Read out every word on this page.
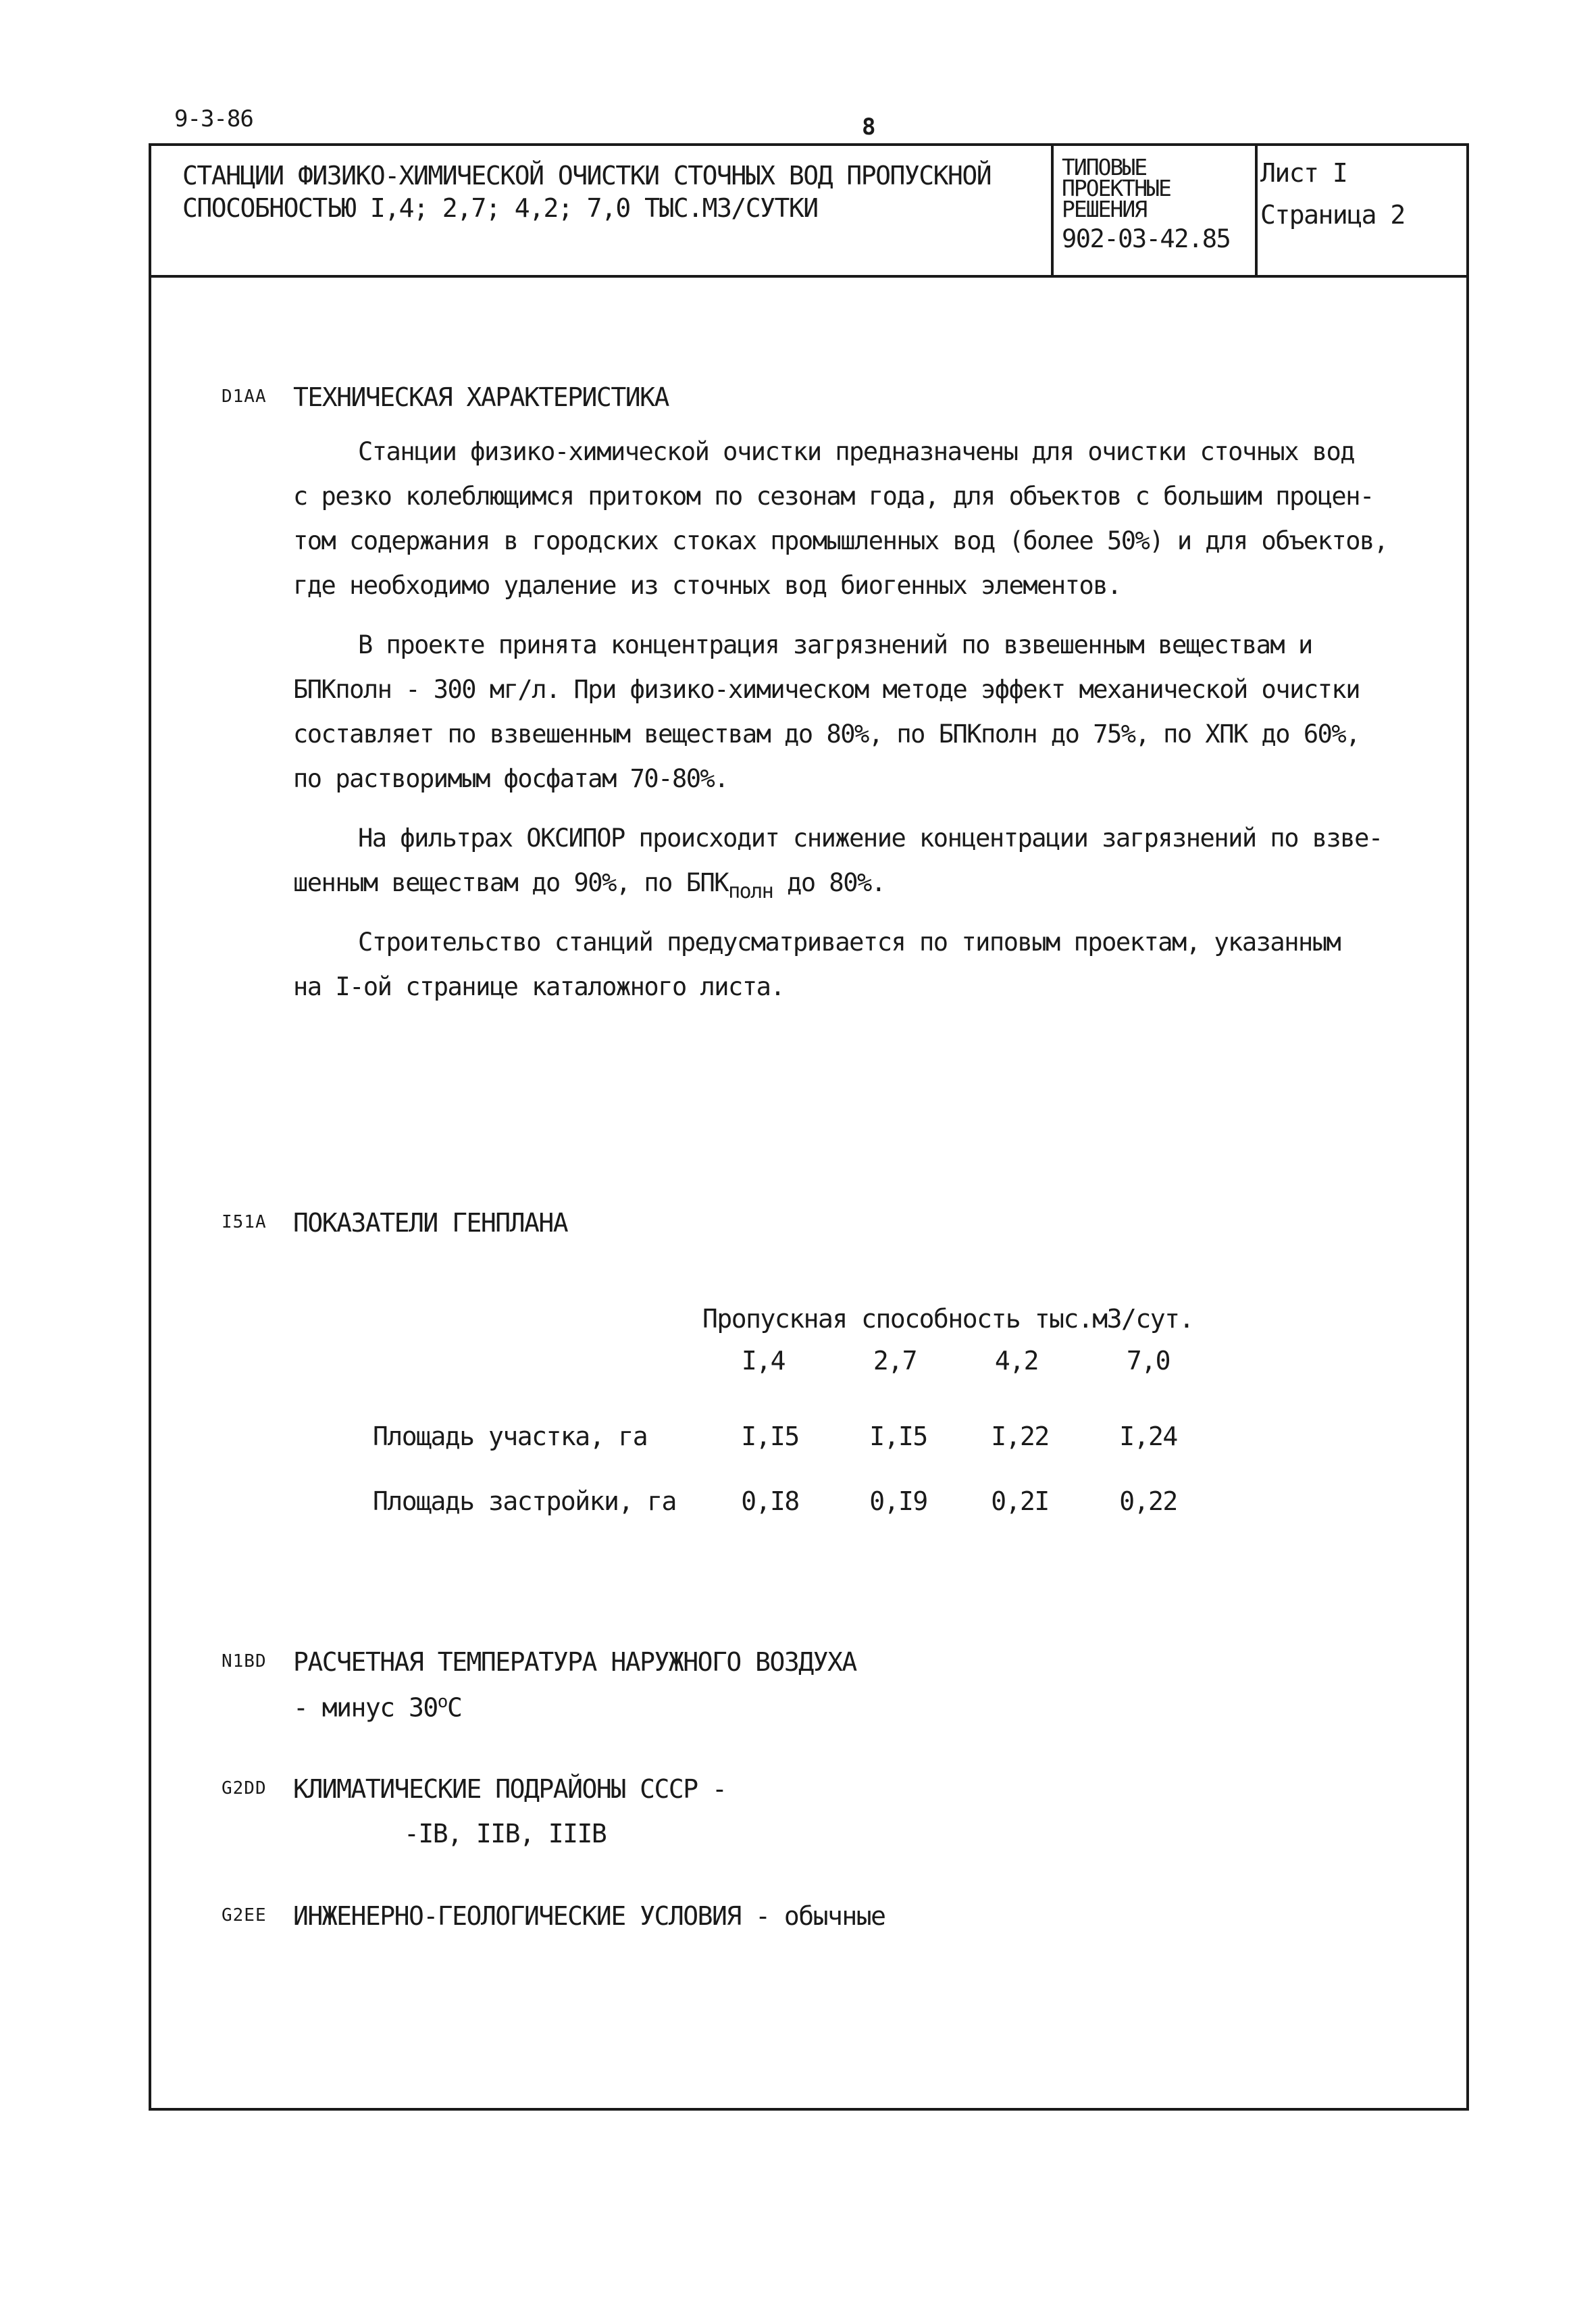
9-3-86	8
СТАНЦИИ ФИЗИКО-ХИМИЧЕСКОЙ ОЧИСТКИ СТОЧНЫХ ВОД ПРОПУСКНОЙ
СПОСОБНОСТЬЮ I,4; 2,7; 4,2; 7,0 ТЫС.М3/СУТКИ
ТИПОВЫЕ
ПРОЕКТНЫЕ
РЕШЕНИЯ
902-03-42.85
Лист I
Страница 2
D1AA ТЕХНИЧЕСКАЯ ХАРАКТЕРИСТИКА
Станции физико-химической очистки предназначены для очистки сточных вод
с резко колеблющимся притоком по сезонам года, для объектов с большим процен-
том содержания в городских стоках промышленных вод (более 50%) и для объектов,
где необходимо удаление из сточных вод биогенных элементов.
В проекте принята концентрация загрязнений по взвешенным веществам и
БПКполн - 300 мг/л. При физико-химическом методе эффект механической очистки
составляет по взвешенным веществам до 80%, по БПКполн до 75%, по ХПК до 60%,
по растворимым фосфатам 70-80%.
На фильтрах ОКСИПОР происходит снижение концентрации загрязнений по взве-
шенным веществам до 90%, по $БПК_{полн}$ до 80%.
Строительство станций предусматривается по типовым проектам, указанным
на I-ой странице каталожного листа.
I51A ПОКАЗАТЕЛИ ГЕНПЛАНА
Пропускная способность тыс.м3/сут.
I,4	2,7	4,2	7,0
Площадь участка, га	I,I5	I,I5	I,22	I,24
Площадь застройки, га	0,I8	0,I9	0,2I	0,22
N1BD РАСЧЕТНАЯ ТЕМПЕРАТУРА НАРУЖНОГО ВОЗДУХА
- минус 30$^o$C
G2DD КЛИМАТИЧЕСКИЕ ПОДРАЙОНЫ СССР -
-IB, IIB, IIIB
G2EE ИНЖЕНЕРНО-ГЕОЛОГИЧЕСКИЕ УСЛОВИЯ - обычные
